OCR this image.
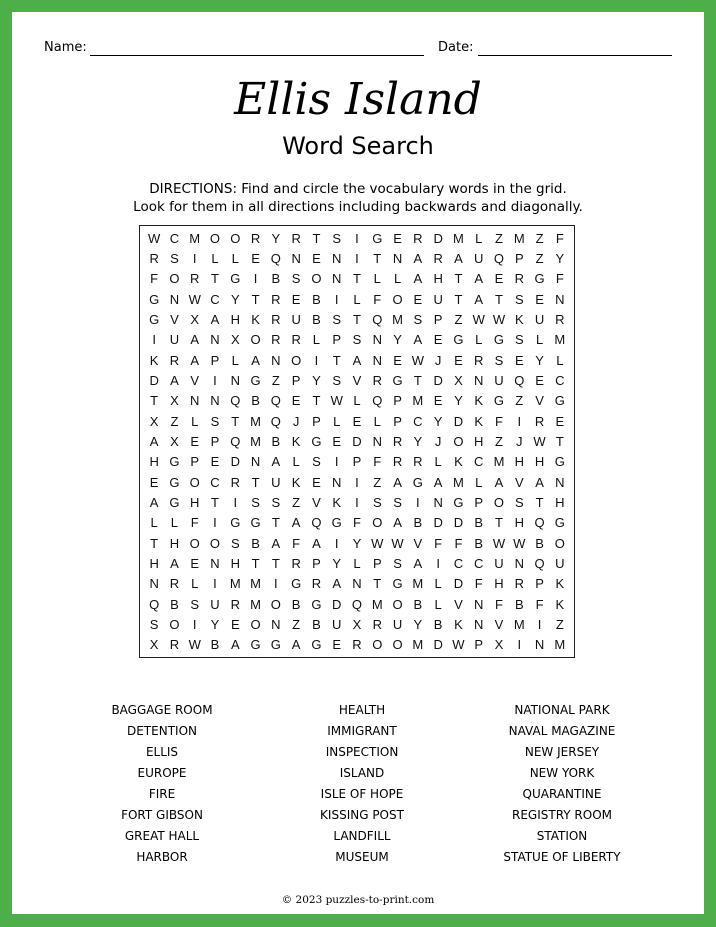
Name:	Date:
Ellis Island
Word Search
DIRECTIONS: Find and circle the vocabulary words in the grid.
Look for them in all directions including backwards and diagonally.
W C M O O R Y R T S	I	G E R D M L Z M Z F
R S	I	L	L E Q N E N	I	T N A R A U Q P Z Y
F O R T G	I	B S O N T L	L A H T A E R G F
G N W C Y T R E B	I	L F O E U T A T S E N
G V X A H K R U B S T Q M S P Z W W K U R
I	U A N X O R R L P S N Y A E G L G S L M
K R A P L A N O	I	T A N E W J E R S E Y L
D A V	I	N G Z P Y S V R G T D X N U Q E C
T X N N Q B Q E T W L Q P M E Y K G Z V G
X Z L S T M Q J P L E L P C Y D K F	I	R E
A X E P Q M B K G E D N R Y J O H Z	J W T
H G P E D N A L S	I	P F R R L K C M H H G
E G O C R T U K E N	I	Z A G A M L A V A N
A G H T	I	S S Z V K	I	S S	I	N G P O S T H
L	L F	I	G G T A Q G F O A B D D B T H Q G
T H O O S B A F A	I	Y W W V F F B W W B O
H A E N H T T R P Y L P S A	I	C C U N Q U
N R L	I	M M	I	G R A N T G M L D F H R P K
Q B S U R M O B G D Q M O B L V N F B F K
S O	I	Y E O N Z B U X R U Y B K N V M	I	Z
X R W B A G G A G E R O O M D W P X	I	N M
BAGGAGE ROOM
DETENTION
ELLIS
EUROPE
FIRE
FORT GIBSON
GREAT HALL
HARBOR
HEALTH
IMMIGRANT
INSPECTION
ISLAND
ISLE OF HOPE
KISSING POST
LANDFILL
MUSEUM
NATIONAL PARK
NAVAL MAGAZINE
NEW JERSEY
NEW YORK
QUARANTINE
REGISTRY ROOM
STATION
STATUE OF LIBERTY
© 2023 puzzles-to-print.com
